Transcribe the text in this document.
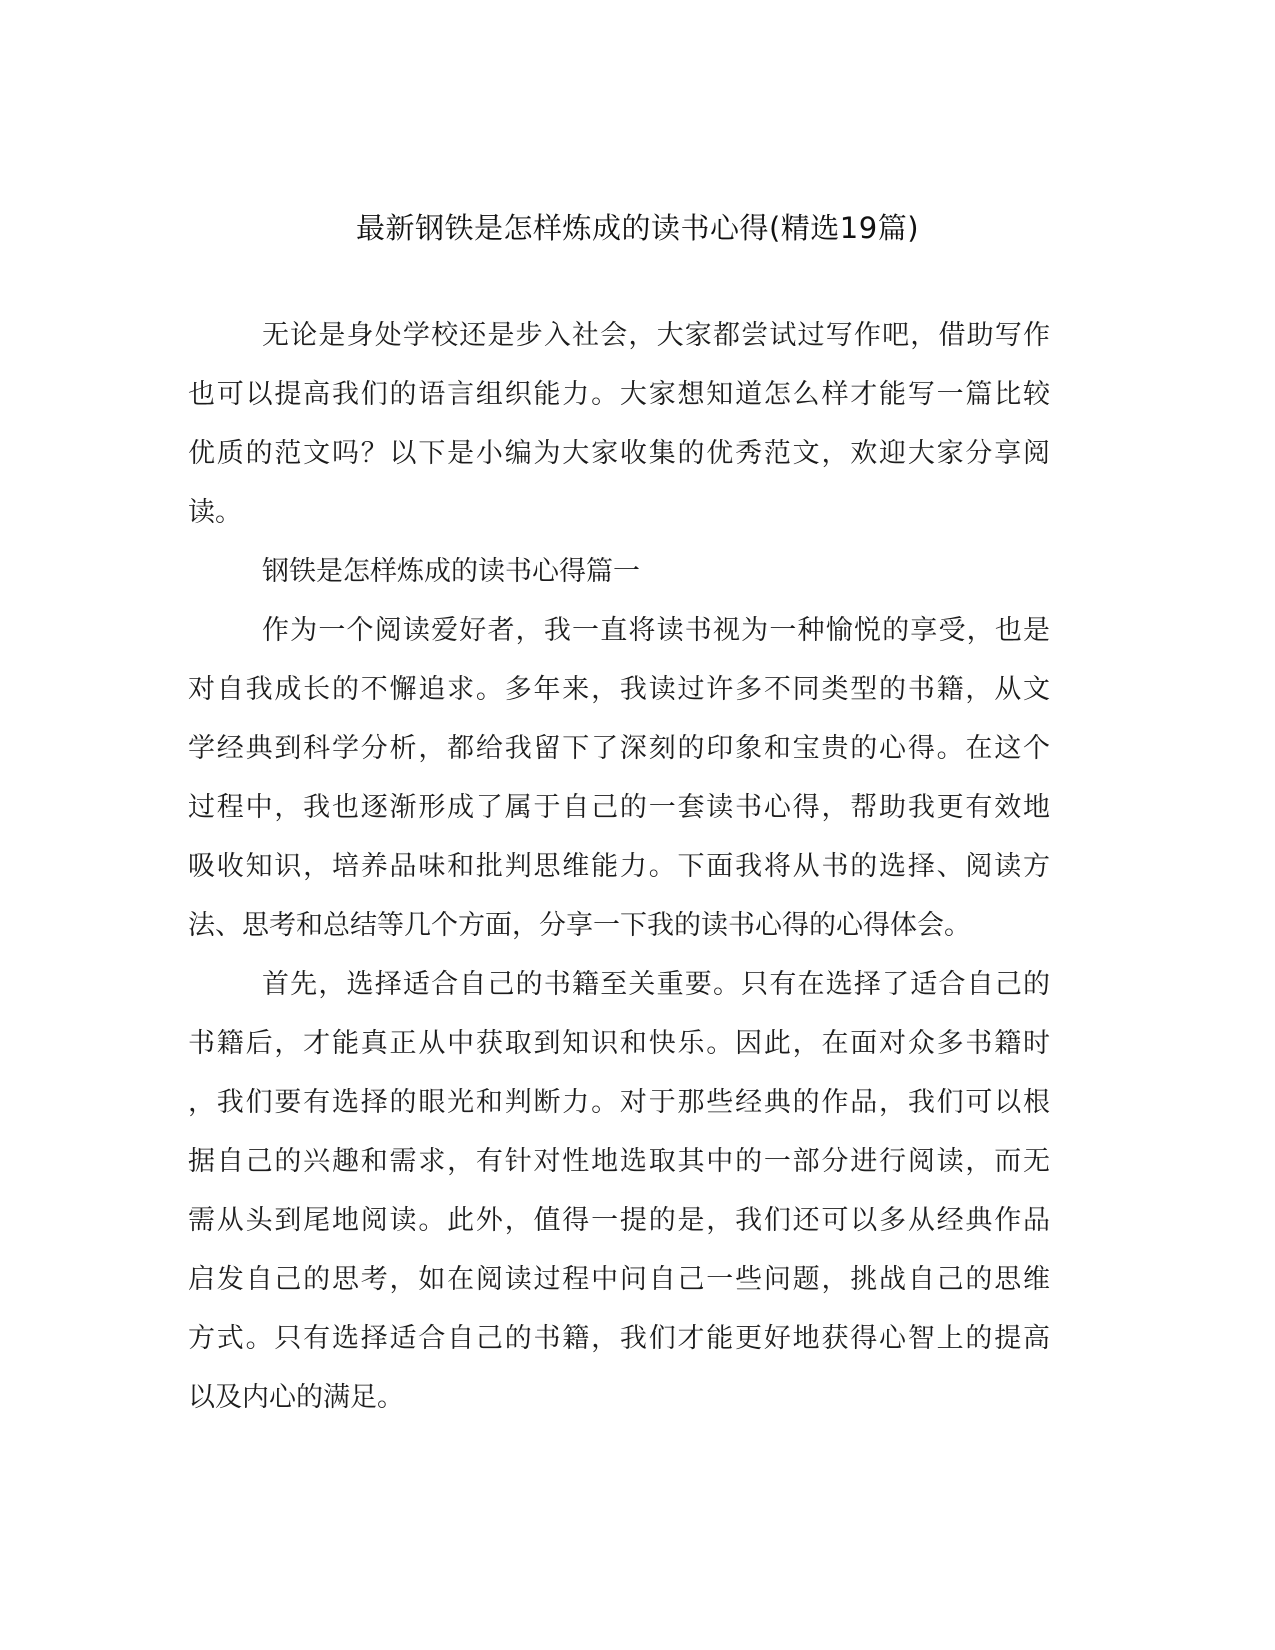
最新钢铁是怎样炼成的读书心得(精选19篇)
无论是身处学校还是步入社会，大家都尝试过写作吧，借助写作
也可以提高我们的语言组织能力。大家想知道怎么样才能写一篇比较
优质的范文吗？以下是小编为大家收集的优秀范文，欢迎大家分享阅
读。
钢铁是怎样炼成的读书心得篇一
作为一个阅读爱好者，我一直将读书视为一种愉悦的享受，也是
对自我成长的不懈追求。多年来，我读过许多不同类型的书籍，从文
学经典到科学分析，都给我留下了深刻的印象和宝贵的心得。在这个
过程中，我也逐渐形成了属于自己的一套读书心得，帮助我更有效地
吸收知识，培养品味和批判思维能力。下面我将从书的选择、阅读方
法、思考和总结等几个方面，分享一下我的读书心得的心得体会。
首先，选择适合自己的书籍至关重要。只有在选择了适合自己的
书籍后，才能真正从中获取到知识和快乐。因此，在面对众多书籍时
，我们要有选择的眼光和判断力。对于那些经典的作品，我们可以根
据自己的兴趣和需求，有针对性地选取其中的一部分进行阅读，而无
需从头到尾地阅读。此外，值得一提的是，我们还可以多从经典作品
启发自己的思考，如在阅读过程中问自己一些问题，挑战自己的思维
方式。只有选择适合自己的书籍，我们才能更好地获得心智上的提高
以及内心的满足。
